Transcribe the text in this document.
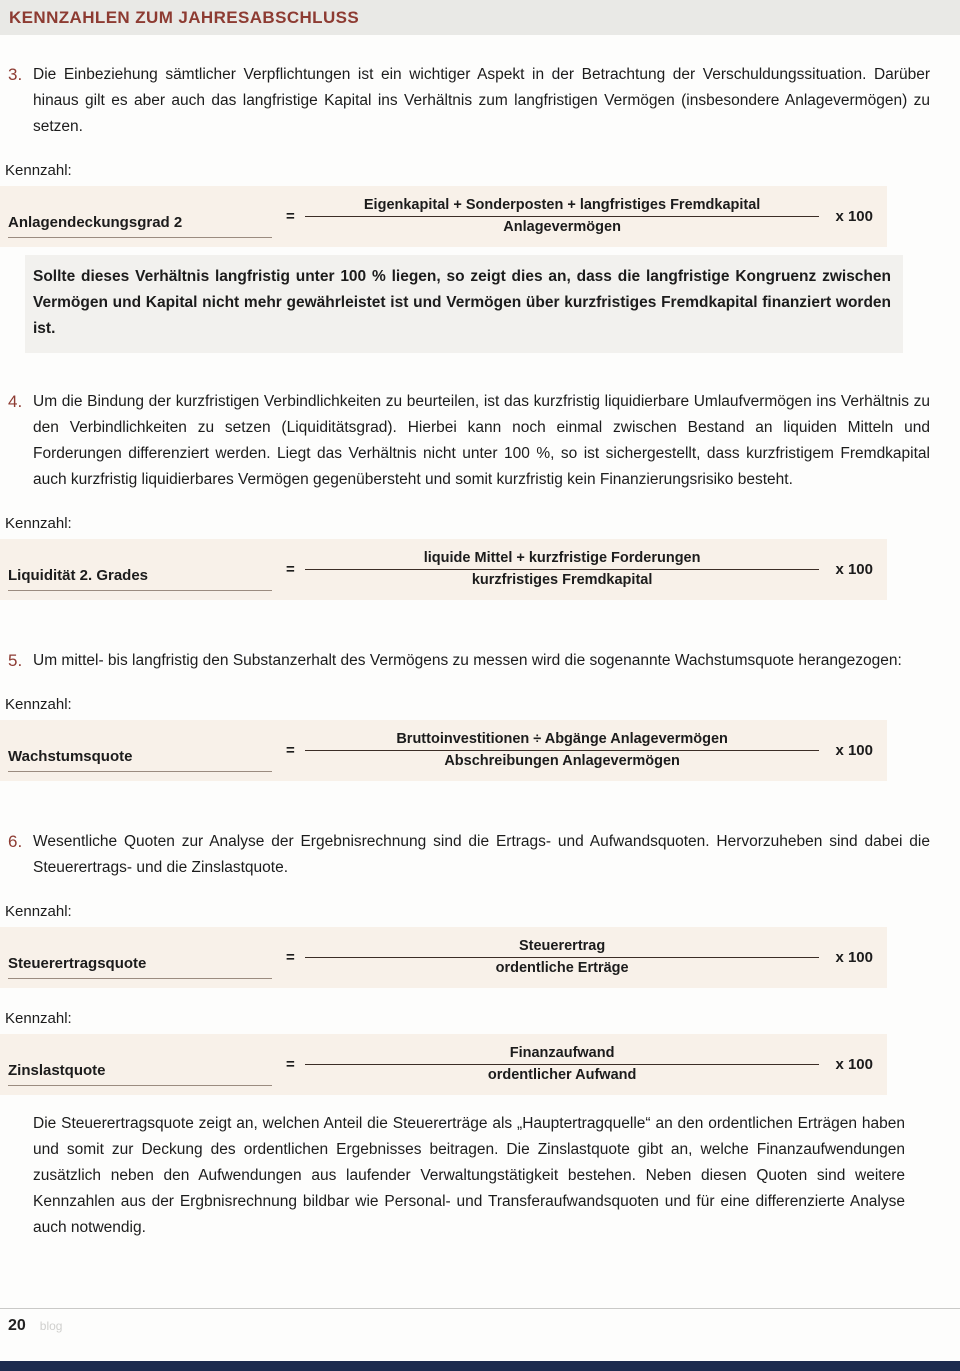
KENNZAHLEN ZUM JAHRESABSCHLUSS
3. Die Einbeziehung sämtlicher Verpflichtungen ist ein wichtiger Aspekt in der Betrachtung der Verschuldungssituation. Darüber hinaus gilt es aber auch das langfristige Kapital ins Verhältnis zum langfristigen Vermögen (insbesondere Anlagevermögen) zu setzen.
Kennzahl:
Anlagendeckungsgrad 2	= $\frac{\text{Eigenkapital + Sonderposten + langfristiges Fremdkapital}}{\text{Anlagevermögen}}$	x 100
Sollte dieses Verhältnis langfristig unter 100 % liegen, so zeigt dies an, dass die langfristige Kongruenz zwischen Vermögen und Kapital nicht mehr gewährleistet ist und Vermögen über kurzfristiges Fremdkapital finanziert worden ist.
4. Um die Bindung der kurzfristigen Verbindlichkeiten zu beurteilen, ist das kurzfristig liquidierbare Umlaufvermögen ins Verhältnis zu den Verbindlichkeiten zu setzen (Liquiditätsgrad). Hierbei kann noch einmal zwischen Bestand an liquiden Mitteln und Forderungen differenziert werden. Liegt das Verhältnis nicht unter 100 %, so ist sichergestellt, dass kurzfristigem Fremdkapital auch kurzfristig liquidierbares Vermögen gegenübersteht und somit kurzfristig kein Finanzierungsrisiko besteht.
Kennzahl:
Liquidität 2. Grades	= $\frac{\text{liquide Mittel + kurzfristige Forderungen}}{\text{kurzfristiges Fremdkapital}}$	x 100
5. Um mittel- bis langfristig den Substanzerhalt des Vermögens zu messen wird die sogenannte Wachstumsquote herangezogen:
Kennzahl:
Wachstumsquote	= $\frac{\text{Bruttoinvestitionen ÷ Abgänge Anlagevermögen}}{\text{Abschreibungen Anlagevermögen}}$	x 100
6. Wesentliche Quoten zur Analyse der Ergebnisrechnung sind die Ertrags- und Aufwandsquoten. Hervorzuheben sind dabei die Steuerertrags- und die Zinslastquote.
Kennzahl:
Steuerertragsquote	= $\frac{\text{Steuerertrag}}{\text{ordentliche Erträge}}$	x 100
Kennzahl:
Zinslastquote	= $\frac{\text{Finanzaufwand}}{\text{ordentlicher Aufwand}}$	x 100
Die Steuerertragsquote zeigt an, welchen Anteil die Steuererträge als „Hauptertragquelle“ an den ordentlichen Erträgen haben und somit zur Deckung des ordentlichen Ergebnisses beitragen. Die Zinslastquote gibt an, welche Finanzaufwendungen zusätzlich neben den Aufwendungen aus laufender Verwaltungstätigkeit bestehen. Neben diesen Quoten sind weitere Kennzahlen aus der Ergbnisrechnung bildbar wie Personal- und Transferaufwandsquoten und für eine differenzierte Analyse auch notwendig.
20 blog
